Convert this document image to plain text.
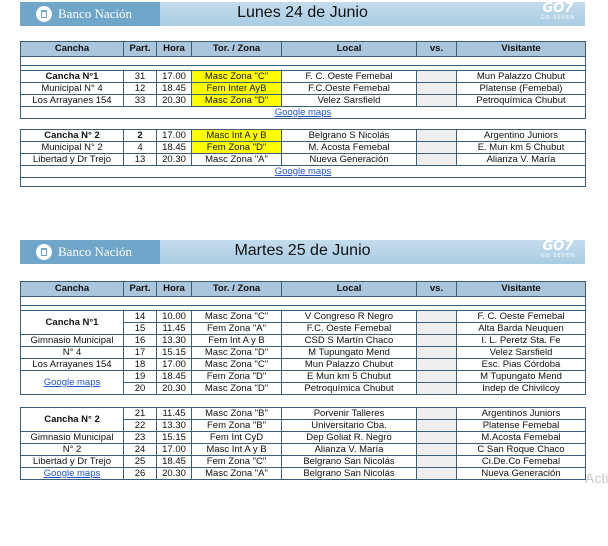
Banco Nación	Lunes 24 de Junio	GO7
GO SEVEN
Cancha	Part.	Hora	Tor. / Zona	Local	vs.	Visitante

Cancha N°1	31	17.00	Masc Zona "C"	F. C. Oeste Femebal		Mun Palazzo Chubut
Municipal N° 4	12	18.45	Fem Inter AyB	F.C.Oeste Femebal		Platense (Femebal)
Los Arrayanes 154	33	20.30	Masc Zona "D"	Velez Sarsfield		Petroquímica Chubut
Google maps						

Cancha N° 2	2	17.00	Masc Int A y B	Belgrano S Nicolás		Argentino Juniors
Municipal N° 2	4	18.45	Fem Zona "D"	M. Acosta Femebal		E. Mun km 5 Chubut
Libertad y Dr Trejo	13	20.30	Masc Zona "A"	Nueva Generación		Alianza V. María
Google maps						

Banco Nación	Martes 25 de Junio	GO7
GO SEVEN
Cancha	Part.	Hora	Tor. / Zona	Local	vs.	Visitante

Cancha N°1	14	10.00	Masc Zona "C"	V Congreso R Negro		F. C. Oeste Femebal
	15	11.45	Fem Zona "A"	F.C. Oeste Femebal		Alta Barda Neuquen
Gimnasio Municipal	16	13.30	Fem Int A y B	CSD S Martín Chaco		I. L. Peretz Sta. Fe
N° 4	17	15.15	Masc Zona "D"	M Tupungato Mend		Velez Sarsfield
Los Arrayanes 154	18	17.00	Masc Zona "C"	Mun Palazzo Chubut		Esc. Pias Córdoba
Google maps	19	18.45	Fem Zona "D"	E Mun km 5 Chubut		M Tupungato Mend
	20	20.30	Masc Zona "D"	Petroquímica Chubut		Indep de Chivilcoy

Cancha N° 2	21	11.45	Masc Zona "B"	Porvenir Talleres		Argentinos Juniors
	22	13.30	Fem Zona "B"	Universitario Cba.		Platense Femebal
Gimnasio Municipal	23	15.15	Fem Int CyD	Dep Goliat R. Negro		M.Acosta Femebal
N° 2	24	17.00	Masc Int A y B	Alianza V. María		C San Roque Chaco
Libertad y Dr Trejo	25	18.45	Fem Zona "C"	Belgrano San Nicolás		Ci.De.Co Femebal
Google maps	26	20.30	Masc Zona "A"	Belgrano San Nicolás		Nueva Generación Acti
